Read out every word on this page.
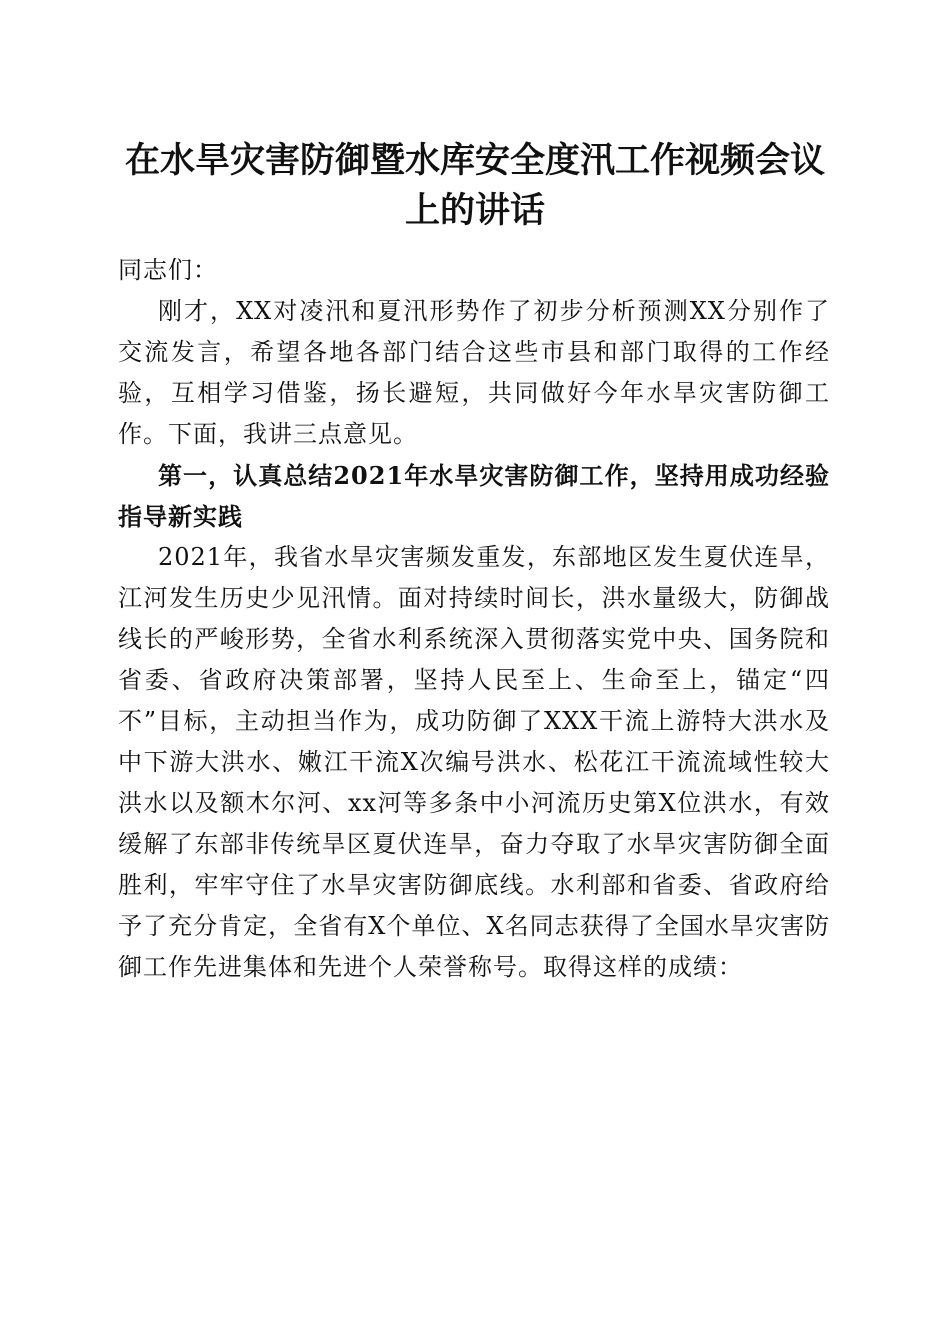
在水旱灾害防御暨水库安全度汛工作视频会议上的讲话

同志们：

刚才，XX对凌汛和夏汛形势作了初步分析预测XX分别作了交流发言，希望各地各部门结合这些市县和部门取得的工作经验，互相学习借鉴，扬长避短，共同做好今年水旱灾害防御工作。下面，我讲三点意见。

第一，认真总结2021年水旱灾害防御工作，坚持用成功经验指导新实践

2021年，我省水旱灾害频发重发，东部地区发生夏伏连旱，江河发生历史少见汛情。面对持续时间长，洪水量级大，防御战线长的严峻形势，全省水利系统深入贯彻落实党中央、国务院和省委、省政府决策部署，坚持人民至上、生命至上，锚定“四不”目标，主动担当作为，成功防御了XXX干流上游特大洪水及中下游大洪水、嫩江干流X次编号洪水、松花江干流流域性较大洪水以及额木尔河、xx河等多条中小河流历史第X位洪水，有效缓解了东部非传统旱区夏伏连旱，奋力夺取了水旱灾害防御全面胜利，牢牢守住了水旱灾害防御底线。水利部和省委、省政府给予了充分肯定，全省有X个单位、X名同志获得了全国水旱灾害防御工作先进集体和先进个人荣誉称号。取得这样的成绩：
